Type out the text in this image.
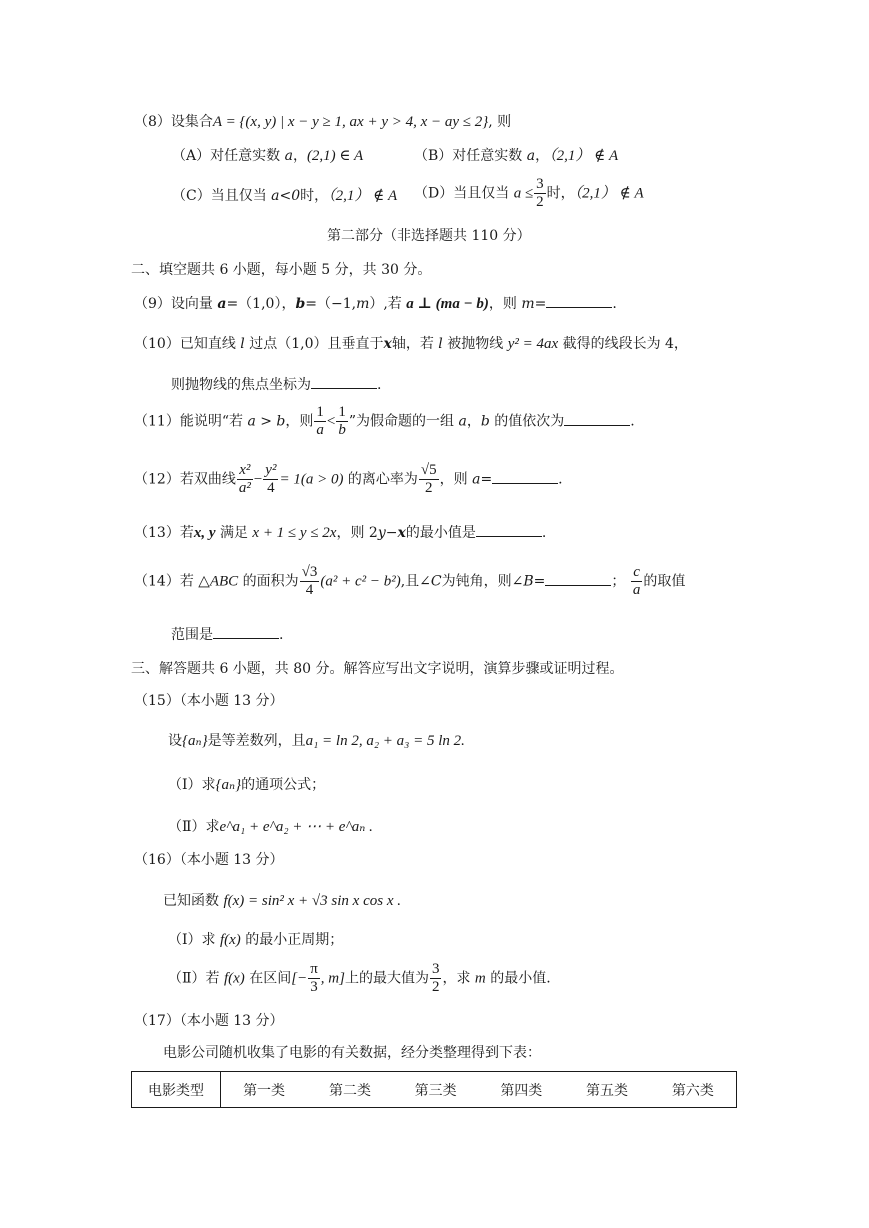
（8）设集合A = {(x, y) | x − y ≥ 1, ax + y > 4, x − ay ≤ 2}, 则
（A）对任意实数 a，(2,1) ∈ A	（B）对任意实数 a，（2,1） ∉ A
（C）当且仅当 a<0时，（2,1） ∉ A （D）当且仅当 $a \le \frac{3}{2}$ 时，（2,1） ∉ A
第二部分（非选择题共 110 分）
二、填空题共 6 小题，每小题 5 分，共 30 分。
（9）设向量 a=（1,0），b=（−1,m）,若 a ⊥ (ma − b)，则 m=	.
（10）已知直线 l 过点（1,0）且垂直于x轴，若 l 被抛物线 y² = 4ax 截得的线段长为 4，
则抛物线的焦点坐标为	.
（11）能说明“若 a > b，则 $\frac{1}{a} < \frac{1}{b}$ ”为假命题的一组 a，b 的值依次为	.
（12）若双曲线 $\frac{\text{x²}}{\text{a²}} - \frac{\text{y²}}{4} = 1(a > 0)$ 的离心率为 $\frac{√5}{2}$ ，则 a=	.
（13）若x, y 满足 x + 1 ≤ y ≤ 2x，则 2y−x的最小值是	.
（14）若 △ABC 的面积为 $\frac{√3}{4} (a^2 + c^2 - b^2)$,且∠C为钝角，则∠B=	； $\frac{c}{a}$ 的取值
范围是	.
三、解答题共 6 小题，共 80 分。解答应写出文字说明，演算步骤或证明过程。
（15）（本小题 13 分）
设{aₙ}是等差数列，且a₁ = ln 2, a₂ + a₃ = 5 ln 2.
（Ⅰ）求{aₙ}的通项公式；
（Ⅱ）求e^a₁ + e^a₂ + ⋯ + e^aₙ .
（16）（本小题 13 分）
已知函数 f(x) = sin² x + √3 sin x cos x .
（Ⅰ）求 f(x) 的最小正周期；
（Ⅱ）若 f(x) 在区间[− $\frac{\pi}{3}$ , m]上的最大值为 $\frac{3}{2}$ ，求 m 的最小值.
（17）（本小题 13 分）
电影公司随机收集了电影的有关数据，经分类整理得到下表：
电影类型	第一类	第二类	第三类	第四类	第五类	第六类
